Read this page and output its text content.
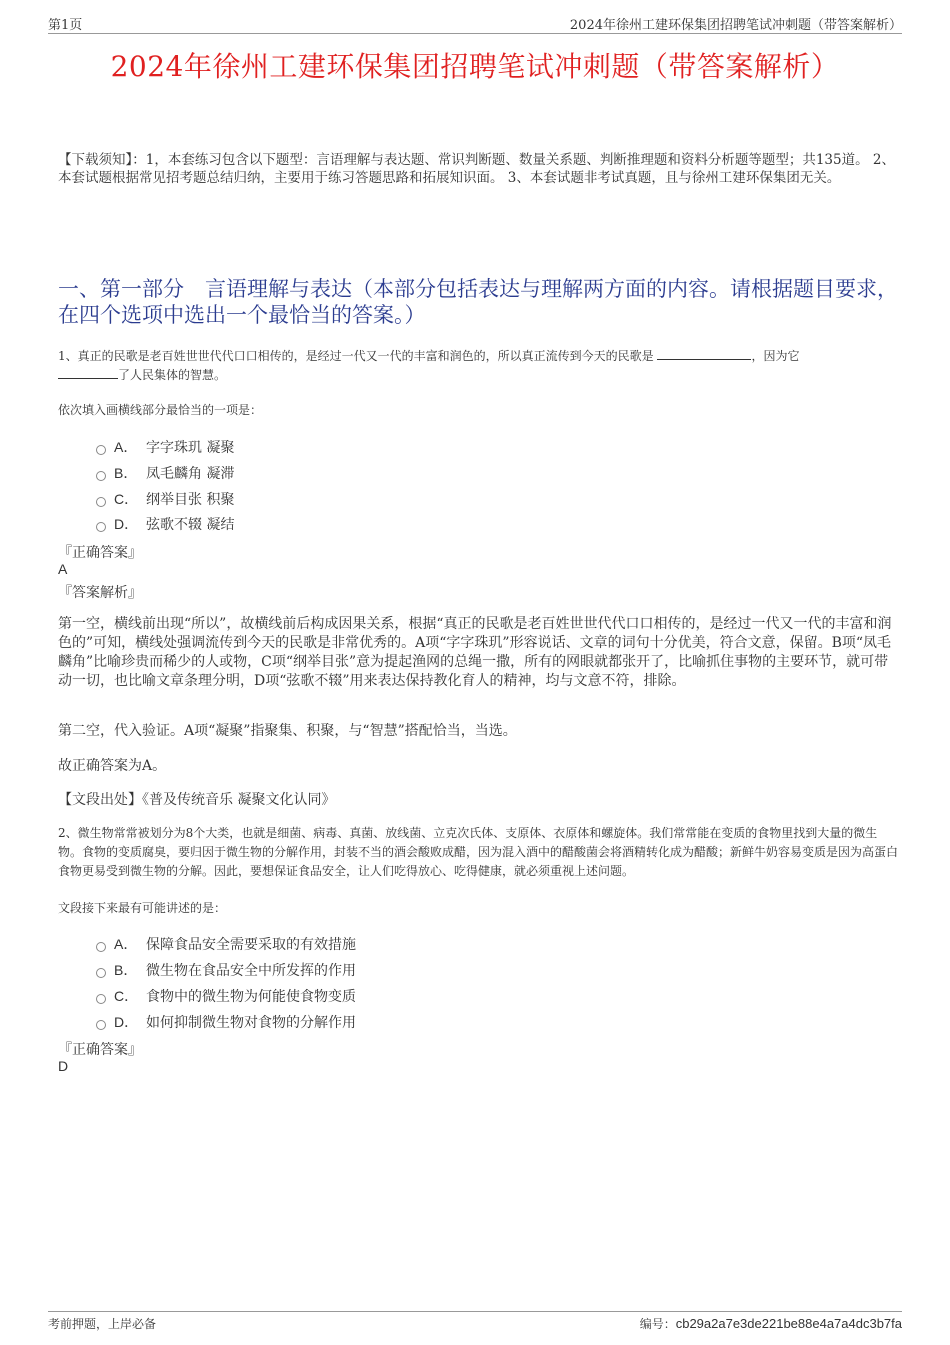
第1页	2024年徐州工建环保集团招聘笔试冲刺题（带答案解析）
2024年徐州工建环保集团招聘笔试冲刺题（带答案解析）
【下载须知】：1，本套练习包含以下题型：言语理解与表达题、常识判断题、数量关系题、判断推理题和资料分析题等题型；共135道。 2、本套试题根据常见招考题总结归纳，主要用于练习答题思路和拓展知识面。 3、本套试题非考试真题，且与徐州工建环保集团无关。
一、第一部分　言语理解与表达（本部分包括表达与理解两方面的内容。请根据题目要求，在四个选项中选出一个最恰当的答案。）
1、真正的民歌是老百姓世世代代口口相传的，是经过一代又一代的丰富和润色的，所以真正流传到今天的民歌是	，因为它
了人民集体的智慧。
依次填入画横线部分最恰当的一项是：
A． 字字珠玑 凝聚
B． 凤毛麟角 凝滞
C． 纲举目张 积聚
D． 弦歌不辍 凝结
『正确答案』
A
『答案解析』
第一空，横线前出现“所以”，故横线前后构成因果关系，根据“真正的民歌是老百姓世世代代口口相传的，是经过一代又一代的丰富和润色的”可知，横线处强调流传到今天的民歌是非常优秀的。A项“字字珠玑”形容说话、文章的词句十分优美，符合文意，保留。B项“凤毛麟角”比喻珍贵而稀少的人或物，C项“纲举目张”意为提起渔网的总绳一撒，所有的网眼就都张开了，比喻抓住事物的主要环节，就可带动一切，也比喻文章条理分明，D项“弦歌不辍”用来表达保持教化育人的精神，均与文意不符，排除。
第二空，代入验证。A项“凝聚”指聚集、积聚，与“智慧”搭配恰当，当选。
故正确答案为A。
【文段出处】《普及传统音乐 凝聚文化认同》
2、微生物常常被划分为8个大类，也就是细菌、病毒、真菌、放线菌、立克次氏体、支原体、衣原体和螺旋体。我们常常能在变质的食物里找到大量的微生物。食物的变质腐臭，要归因于微生物的分解作用，封装不当的酒会酸败成醋，因为混入酒中的醋酸菌会将酒精转化成为醋酸；新鲜牛奶容易变质是因为高蛋白食物更易受到微生物的分解。因此，要想保证食品安全，让人们吃得放心、吃得健康，就必须重视上述问题。
文段接下来最有可能讲述的是：
A． 保障食品安全需要采取的有效措施
B． 微生物在食品安全中所发挥的作用
C． 食物中的微生物为何能使食物变质
D． 如何抑制微生物对食物的分解作用
『正确答案』
D
考前押题，上岸必备	编号：cb29a2a7e3de221be88e4a7a4dc3b7fa
